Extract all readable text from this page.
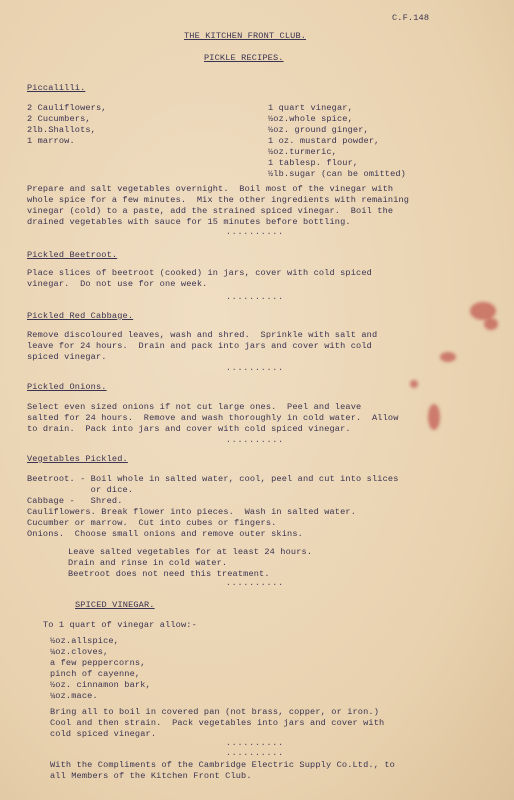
C.F.148
THE KITCHEN FRONT CLUB.
PICKLE RECIPES.
Piccalilli.
2 Cauliflowers,
2 Cucumbers,
2lb.Shallots,
1 marrow.
1 quart vinegar,
½oz.whole spice,
½oz. ground ginger,
1 oz. mustard powder,
½oz.turmeric,
1 tablesp. flour,
½lb.sugar (can be omitted)
Prepare and salt vegetables overnight.  Boil most of the vinegar with
whole spice for a few minutes.  Mix the other ingredients with remaining
vinegar (cold) to a paste, add the strained spiced vinegar.  Boil the
drained vegetables with sauce for 15 minutes before bottling.
..........
Pickled Beetroot.
Place slices of beetroot (cooked) in jars, cover with cold spiced
vinegar.  Do not use for one week.
..........
Pickled Red Cabbage.
Remove discoloured leaves, wash and shred.  Sprinkle with salt and
leave for 24 hours.  Drain and pack into jars and cover with cold
spiced vinegar.
..........
Pickled Onions.
Select even sized onions if not cut large ones.  Peel and leave
salted for 24 hours.  Remove and wash thoroughly in cold water.  Allow
to drain.  Pack into jars and cover with cold spiced vinegar.
..........
Vegetables Pickled.
Beetroot. - Boil whole in salted water, cool, peel and cut into slices
or dice.
Cabbage -   Shred.
Cauliflowers. Break flower into pieces.  Wash in salted water.
Cucumber or marrow.  Cut into cubes or fingers.
Onions.  Choose small onions and remove outer skins.
Leave salted vegetables for at least 24 hours.
Drain and rinse in cold water.
Beetroot does not need this treatment.
..........
SPICED VINEGAR.
To 1 quart of vinegar allow:-
½oz.allspice,
¼oz.cloves,
a few peppercorns,
pinch of cayenne,
½oz. cinnamon bark,
¼oz.mace.
Bring all to boil in covered pan (not brass, copper, or iron.)
Cool and then strain.  Pack vegetables into jars and cover with
cold spiced vinegar.
..........
..........
With the Compliments of the Cambridge Electric Supply Co.Ltd., to
all Members of the Kitchen Front Club.
